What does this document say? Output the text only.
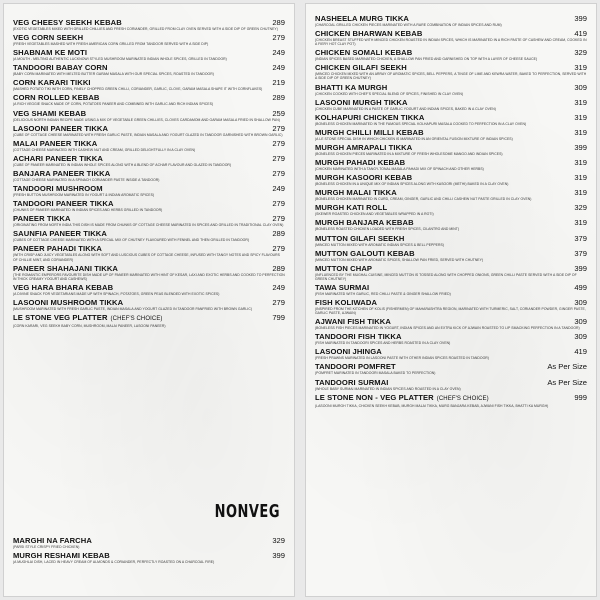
VEG CHEESY SEEKH KEBAB	289
(EXOTIC VEGETABLES MIXED WITH GRILLED CHILLIES AND FRESH CORIANDER, GRILLED FROM CLAY OVEN SERVED WITH A SIDE DIP OF GREEN CHUTNEY)
VEG CORN SEEKH	279
(FRESH VEGETABLES MASHED WITH FRESH AMERICAN CORN GRILLED FROM TANDOOR SERVED WITH A SIDE DIP)
SHABNAM KE MOTI	249
(A MOUTH - MELTING AUTHENTIC LUCKNOWI STYLED MUSHROOM MARINATED INDIAN WHOLE SPICES, GRILLED IN TANDOOR)
TANDOORI BABAY CORN	249
(BABY CORN MARINATED WITH MELTED BUTTER GARAM MASALA WITH OUR SPECIAL SPICES, ROASTED IN TANDOOR)
CORN KARARI TIKKI	219
(MASHED POTATO TIKI WITH CORN, FINELY CHOPPED GREEN CHILLI, CORIANDER, GARLIC, CLOVE, GARAM MASALA SHAPE IT WITH CORNFLAKES)
CORN ROLLED KEBAB	289
(A RICH VEGGIE SNACK MADE OF CORN, POTATOES PANEER AND COMBINED WITH GARLIC AND RICH INDIAN SPICES)
VEG SHAMI KEBAB	259
(DELICIOUS NORTH INDIAN RECIPE MADE USING A MIX OF VEGETABLE GREEN CHILLIES, CLOVES CARDAMOM AND GARAM MASALA FRIED IN SHALLOW PAN)
LASOONI PANEER TIKKA	279
(CUBE OF COTTAGE CHEESE MARINATED WITH FRESH GARLIC PASTE, INDIAN MASALA AND YOGURT GLAZED IN TANDOOR GARNISHED WITH BROWN GARLIC)
MALAI PANEER TIKKA	279
(COTTAGE CHEESE MARINATED WITH CASHEW NUT AND CREAM, GRILLED DELIGHTFULLY IN A CLAY OVEN)
ACHARI PANEER TIKKA	279
(CUBE OF PANEER MARINATED IN INDIAN WHOLE SPICES ALONG WITH A BLEND OF ACHAR FLAVOUR AND GLAZED IN TANDOOR)
BANJARA PANEER TIKKA	279
(COTTAGE CHEESE MARINATED IN A SPINACH CORIANDER PASTE INSIDE A TANDOOR)
TANDOORI MUSHROOM	249
(FRESH BUTTON MUSHROOM MARINATED IN YOGURT & INDIAN AROMATIC SPICES)
TANDOORI PANEER TIKKA	279
(CHUNKS OF PANEER MARINATED IN INDIAN SPICES AND HERBS GRILLED IN TANDOOR)
PANEER TIKKA	279
(ORIGINATING FROM NORTH INDIA THIS DISH IS MADE FROM CHUNKS OF COTTAGE CHEESE MARINATED IN SPICES AND GRILLED IN TRADITIONAL CLAY OVEN)
SAUNFIA PANEER TIKKA	289
(CUBES OF COTTAGE CHEESE MARINATED WITH A SPECIAL MIX OF CHUTNEY FLAVOURED WITH FENNEL AND THEN GRILLED IN TANDOOR)
PANEER PAHADI TIKKA	279
(WITH CRISP AND JUICY VEGETABLES ALONG WITH SOFT AND LUSCIOUS CUBES OF COTTAGE CHEESE, INFUSED WITH TANGY NOTES AND SPICY FLAVOURS OF CHILLIE MINT, AND CORIANDER)
PANEER SHAHAJANI TIKKA	289
(THE ROMANTIC EMPERORS FAVOURITE DISH MADE UP OF PANEER MARINATED WITH HINT OF KESAR, LAXI AND EXOTIC HERBS AND COOKED TO PERFECTION IN THICK CREAMY YOGURT AND CASHEWS)
VEG HARA BHARA KEBAB	249
(A DIVINE SNACK FOR VEGETARIANS MADE UP WITH SPINACH, POTATOES, GREEN PEAS BLENDED WITH EXOTIC SPICES)
LASOONI MUSHROOM TIKKA	279
(MUSHROOM MARINATED WITH FRESH GARLIC PASTE, INDIAN MASALA AND YOGURT GLAZED IN TANDOOR PANFRIED WITH BROWN GARLIC)
LE STONE VEG PLATTER (CHEF'S CHOICE)	799
(CORN KARARI, VEG SEEKH BABY CORN, MUSHROOM, MALAI PANEER, LASOONI PANEER)
NONVEG
MARGHI NA FARCHA	329
(PARSI STYLE CRISPY FRIED CHICKEN)
MURGH RESHAMI KEBAB	399
(A MUGHLAI DISH, LACED IN HEAVY CREAM OF ALMONDS & CORIANDER, PERFECTLY ROASTED ON A CHARCOAL FIRE)
NASHEELA MURG TIKKA	399
(CHARCOAL GRILLED CHICKEN PIECES MARINATED WITH A RARE COMBINATION OF INDIAN SPICES AND RUM)
CHICKEN BHARWAN KEBAB	419
(CHICKEN BREAST STUFFED WITH MINCED CHICKEN ROASTED IN INDIAN SPICES, WHICH IS MARINATED IN A RICH PASTE OF CASHEW AND CREAM, COOKED IN A FIERY HOT CLAY POT)
CHICKEN SOMALI KEBAB	329
(INDIAN SPICES BASED MARINATED CHICKEN, A SHALLOW PAN FRIED AND GARNISHED ON TOP WITH A LAYER OF CHEESE SAUCE)
CHICKEN GILAFI SEEKH	319
(MINCED CHICKEN MIXED WITH AN ARRAY OF AROMATIC SPICES, BELL PEPPERS, A TINGE OF LIME AND KEWRA WATER, BAKED TO PERFECTION, SERVED WITH A SIDE DIP OF GREEN CHUTNEY)
BHATTI KA MURGH	309
(CHICKEN COOKED WITH CHEF'S SPECIAL BLEND OF SPICES, FINISHED IN CLAY OVEN)
LASOONI MURGH TIKKA	319
(CHICKEN CUBE MARINATED IN A PASTE OF GARLIC YOGURT AND INDIAN SPICES, BAKED IN A CLAY OVEN)
KOLHAPURI CHICKEN TIKKA	319
(BONELESS CHICKEN MARINATED IN THE FAMOUS SPECIAL KOLHAPURI MASALA COOKED TO PERFECTION IN A CLAY OVEN)
MURGH CHILLI MILLI KEBAB	319
(A LE STONE SPECIAL DISH IN WHICH CHICKEN IS MARINATED IN AN ORIENTAL FUSION MIXTURE OF INDIAN SPICES)
MURGH AMRAPALI TIKKA	399
(BONELESS CHICKEN PIECES MARINATED IN A MIXTURE OF FRESH WHOLESOME MANGO AND INDIAN SPICES)
MURGH PAHADI KEBAB	319
(CHICKEN MARINATED WITH A TANGY-TONAL MASALA PAHADI MIX OF SPINACH AND OTHER HERBS)
MURGH KASOORI KEBAB	319
(BONELESS CHICKEN IN A UNIQUE MIX OF INDIAN SPICES ALONG WITH KASOORI (METHI) BAKED IN A CLAY OVEN)
MURGH MALAI TIKKA	319
(BONELESS CHICKEN MARINATED IN CURD, CREAM, GINGER, GARLIC AND CHILLI CASHEW NUT PASTE GRILLED IN CLAY OVEN)
MURGH KATI ROLL	329
(SKEWER ROASTED CHICKEN AND VEGETABLES WRAPPED IN A ROTI)
MURGH BANJARA KEBAB	319
(BONELESS ROASTED CHICKEN LOADED WITH FRESH SPICES, CILANTRO AND MINT)
MUTTON GILAFI SEEKH	379
(MINCED MUTTON MIXED WITH AROMATIC INDIAN SPICES & BELL PEPPERS)
MUTTON GALOUTI KEBAB	379
(MINCED MUTTON MIXED WITH AROMATIC SPICES, SHALLOW PAN FRIED, SERVED WITH CHUTNEY)
MUTTON CHAP	399
(INFLUENCED BY THE MUGHAL CUISINE, MINCED MUTTON IS TOSSED ALONG WITH CHOPPED ONIONS, GREEN CHILLI PASTE SERVED WITH A SIDE DIP OF GREEN CHUTNEY)
TAWA SURMAI	499
(FISH MARINATED WITH GARLIC, RED CHILLI PASTE & GINGER SHALLOW FRIED)
FISH KOLIWADA	309
(INSPIRED FROM THE KITCHEN OF KOLIS (FISHERMEN) OF MAHARASHTRA REGION, MARINATED WITH TURMERIC, SALT, CORIANDER POWDER, GINGER PASTE, GARLIC PASTE, AJWAIN)
AJWANI FISH TIKKA	309
(BONELESS FISH PIECES MARINATED IN YOGURT, INDIAN SPICES AND AN EXTRA KICK OF AJWAIN ROASTED TO LIP SMACKING PERFECTION IN A TANDOOR)
TANDOORI FISH TIKKA	309
(FISH MARINATED IN TANDOORI SPICES AND HERBS ROASTED IN A CLAY OVEN)
LASOONI JHINGA	419
(FRESH PRAWNS MARINATED IN LASOONI PASTE WITH OTHER INDIAN SPICES ROASTED IN TANDOOR)
TANDOORI POMFRET	As Per Size
(POMFRET MARINATED IN TANDOORI MASALA BAKED TO PERFECTION)
TANDOORI SURMAI	As Per Size
(WHOLE BABY SURMAI MARINATED IN INDIAN SPICES AND ROASTED IN A CLAY OVEN)
LE STONE NON - VEG PLATTER (CHEF'S CHOICE)	999
(LASOONI MURGH TIKKA, CHICKEN SEEKH KEBAB, MURGH MALAI TIKKA, MURG BANJARA KEBAB, AJWANI FISH TIKKA, BHATTI KA MURGH)
